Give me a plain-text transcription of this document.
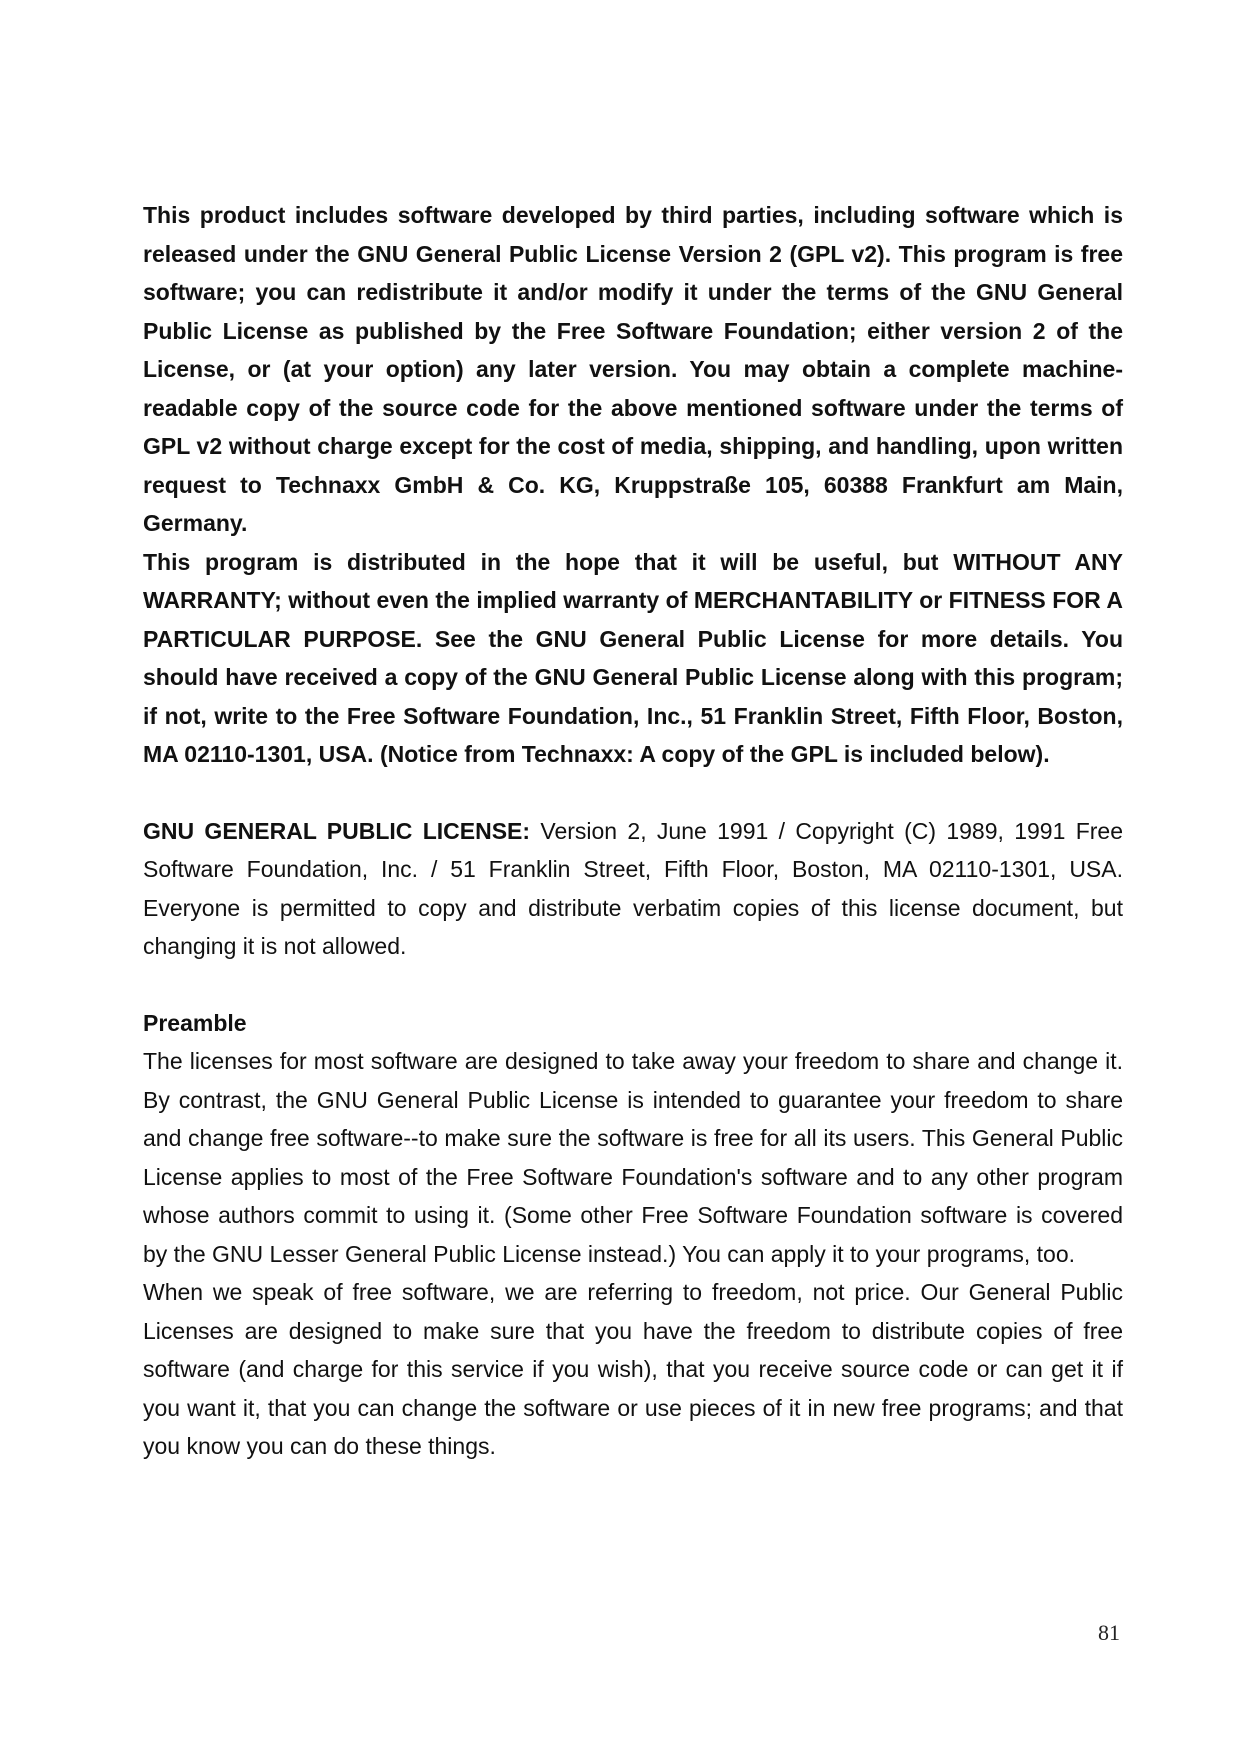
This product includes software developed by third parties, including software which is released under the GNU General Public License Version 2 (GPL v2). This program is free software; you can redistribute it and/or modify it under the terms of the GNU General Public License as published by the Free Software Foundation; either version 2 of the License, or (at your option) any later version. You may obtain a complete machine-readable copy of the source code for the above mentioned software under the terms of GPL v2 without charge except for the cost of media, shipping, and handling, upon written request to Technaxx GmbH & Co. KG, Kruppstraße 105, 60388 Frankfurt am Main, Germany.

This program is distributed in the hope that it will be useful, but WITHOUT ANY WARRANTY; without even the implied warranty of MERCHANTABILITY or FITNESS FOR A PARTICULAR PURPOSE. See the GNU General Public License for more details. You should have received a copy of the GNU General Public License along with this program; if not, write to the Free Software Foundation, Inc., 51 Franklin Street, Fifth Floor, Boston, MA 02110-1301, USA. (Notice from Technaxx: A copy of the GPL is included below).

GNU GENERAL PUBLIC LICENSE: Version 2, June 1991 / Copyright (C) 1989, 1991 Free Software Foundation, Inc. / 51 Franklin Street, Fifth Floor, Boston, MA 02110-1301, USA. Everyone is permitted to copy and distribute verbatim copies of this license document, but changing it is not allowed.

Preamble

The licenses for most software are designed to take away your freedom to share and change it. By contrast, the GNU General Public License is intended to guarantee your freedom to share and change free software--to make sure the software is free for all its users. This General Public License applies to most of the Free Software Foundation's software and to any other program whose authors commit to using it. (Some other Free Software Foundation software is covered by the GNU Lesser General Public License instead.) You can apply it to your programs, too.

When we speak of free software, we are referring to freedom, not price. Our General Public Licenses are designed to make sure that you have the freedom to distribute copies of free software (and charge for this service if you wish), that you receive source code or can get it if you want it, that you can change the software or use pieces of it in new free programs; and that you know you can do these things.

81
